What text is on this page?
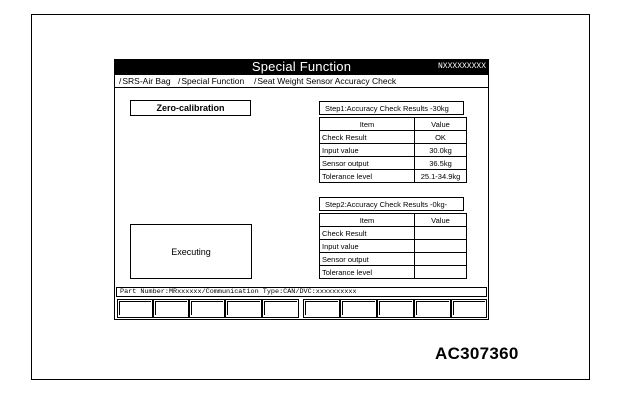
Special Function	NXXXXXXXXX
/ SRS-Air Bag	/ Special Function	/ Seat Weight Sensor Accuracy Check
Zero-calibration
Executing
Step1:Accuracy Check Results -30kg
Item	Value
Check Result	OK
Input value	30.0kg
Sensor output	36.5kg
Tolerance level	25.1-34.9kg
Step2:Accuracy Check Results -0kg-
Item	Value
Check Result	
Input value	
Sensor output	
Tolerance level	
Part Number:MRxxxxxx/Communication Type:CAN/DVC:xxxxxxxxxx
AC307360
